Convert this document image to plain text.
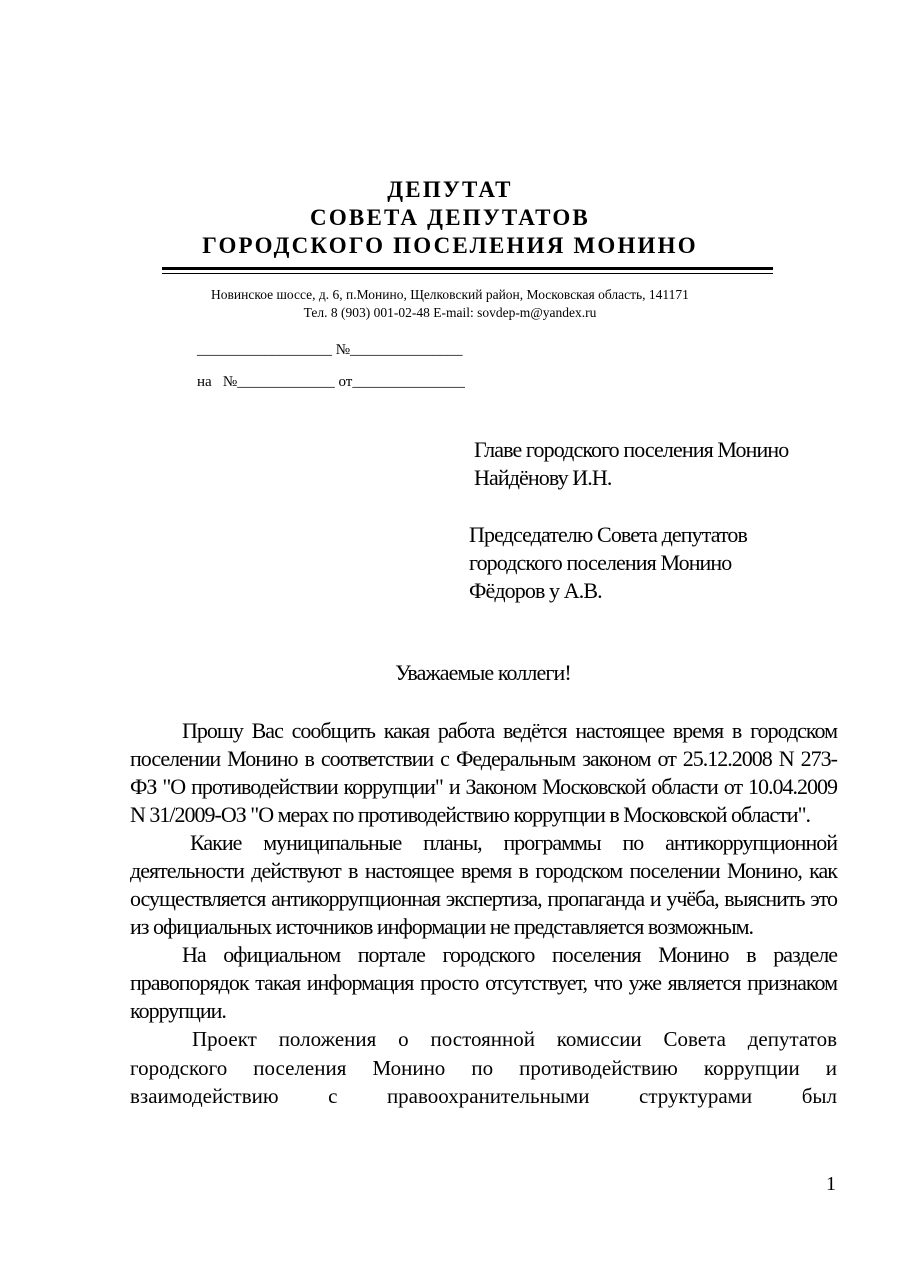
ДЕПУТАТ
СОВЕТА ДЕПУТАТОВ
ГОРОДСКОГО ПОСЕЛЕНИЯ МОНИНО
Новинское шоссе, д. 6, п.Монино, Щелковский район, Московская область, 141171
Тел. 8 (903) 001-02-48 E-mail: sovdep-m@yandex.ru
__________________ №_______________
на   №_____________ от_______________
Главе городского поселения Монино
Найдёнову И.Н.
Председателю Совета депутатов
городского поселения Монино
Фёдоров у А.В.
Уважаемые коллеги!

Прошу Вас сообщить какая работа ведётся настоящее время в городском поселении Монино в соответствии с Федеральным законом от 25.12.2008 N 273-ФЗ "О противодействии коррупции" и Законом Московской области от 10.04.2009 N 31/2009-ОЗ "О мерах по противодействию коррупции в Московской области".

Какие муниципальные планы, программы по антикоррупционной деятельности действуют в настоящее время в городском поселении Монино, как осуществляется антикоррупционная экспертиза, пропаганда и учёба, выяснить это из официальных источников информации не представляется возможным.

На официальном портале городского поселения Монино в разделе правопорядок такая информация просто отсутствует, что уже является признаком коррупции.

Проект положения о постоянной комиссии Совета депутатов городского поселения Монино по противодействию коррупции и взаимодействию с правоохранительными структурами был

1
